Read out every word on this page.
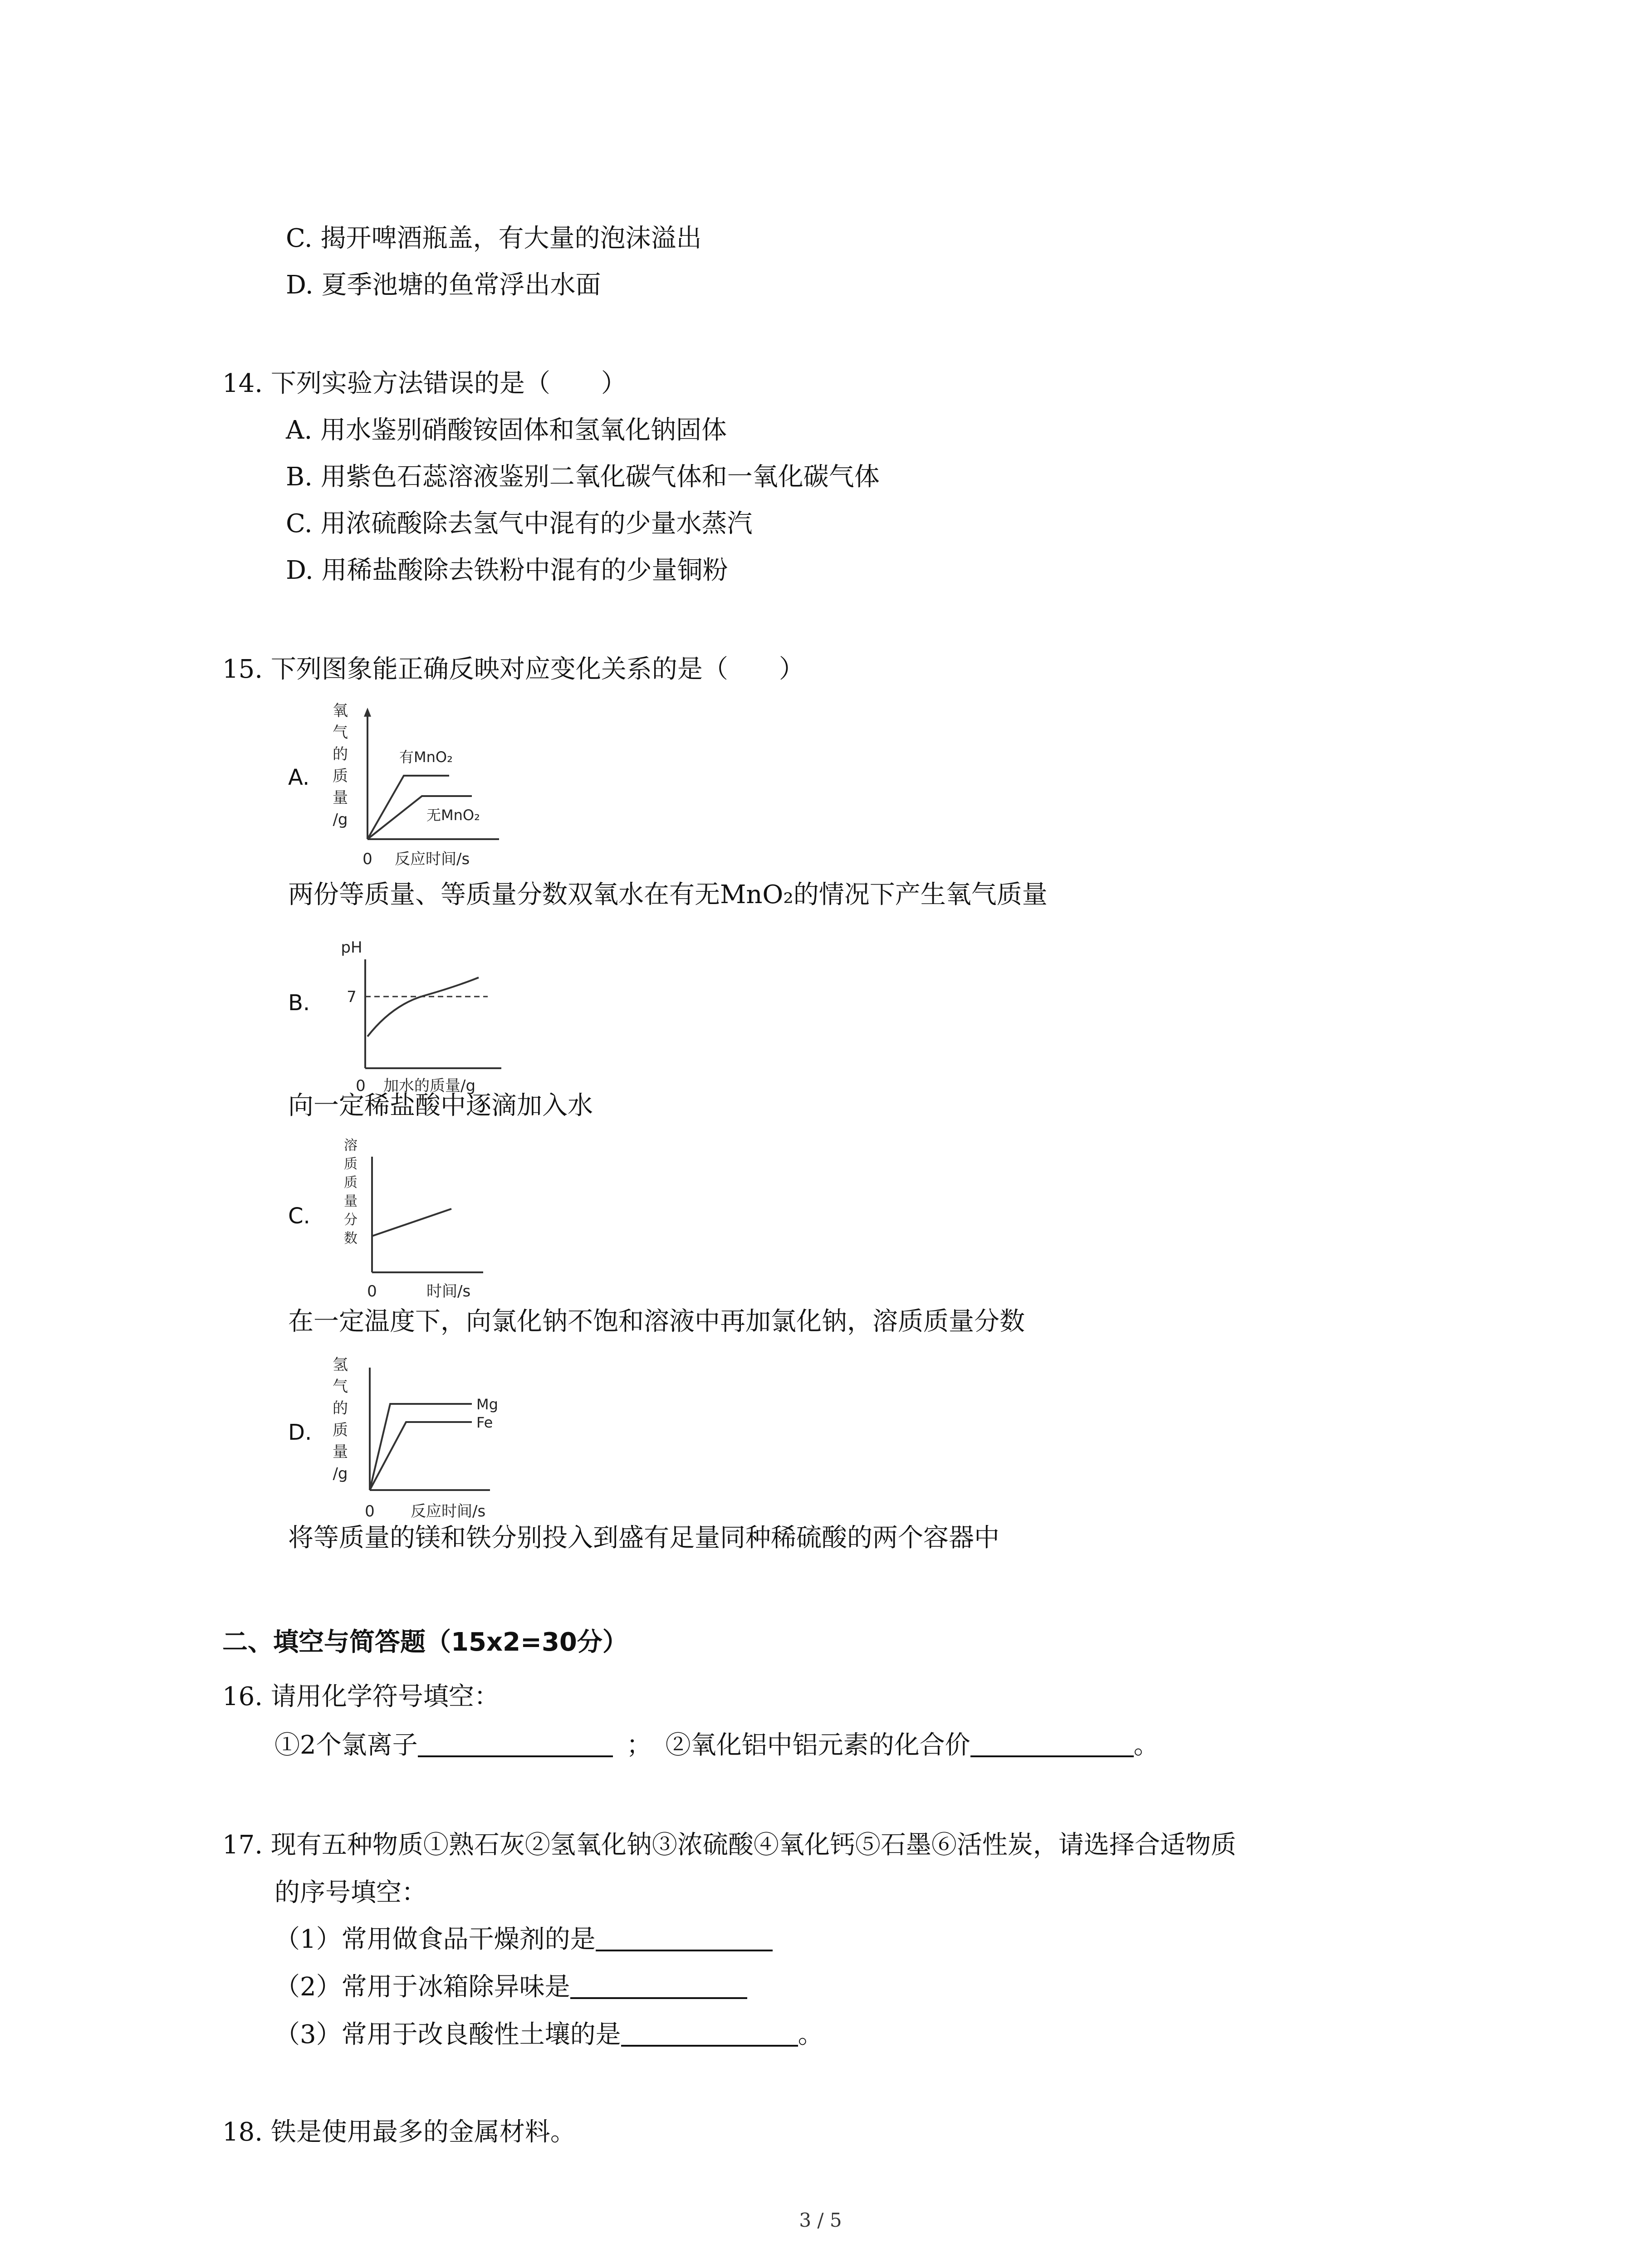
C. 揭开啤酒瓶盖，有大量的泡沫溢出
D. 夏季池塘的鱼常浮出水面
14. 下列实验方法错误的是（　　）
A. 用水鉴别硝酸铵固体和氢氧化钠固体
B. 用紫色石蕊溶液鉴别二氧化碳气体和一氧化碳气体
C. 用浓硫酸除去氢气中混有的少量水蒸汽
D. 用稀盐酸除去铁粉中混有的少量铜粉
15. 下列图象能正确反映对应变化关系的是（　　）
A.
氧
气
的
质
量
/g
有MnO₂
无MnO₂
0 反应时间/s
两份等质量、等质量分数双氧水在有无MnO₂的情况下产生氧气质量
B.
pH
7
0 加水的质量/g
向一定稀盐酸中逐滴加入水
C.
溶
质
质
量
分
数
0	时间/s
在一定温度下，向氯化钠不饱和溶液中再加氯化钠，溶质质量分数
D.
氢
气
的
质
量
/g
Mg
Fe
0 反应时间/s
将等质量的镁和铁分别投入到盛有足量同种稀硫酸的两个容器中
二、填空与简答题（15x2=30分）
16. 请用化学符号填空：
①2个氯离子	； ②氧化铝中铝元素的化合价	。
17. 现有五种物质①熟石灰②氢氧化钠③浓硫酸④氧化钙⑤石墨⑥活性炭，请选择合适物质
的序号填空：
（1）常用做食品干燥剂的是
（2）常用于冰箱除异味是
（3）常用于改良酸性土壤的是	。
18. 铁是使用最多的金属材料。
3 / 5
